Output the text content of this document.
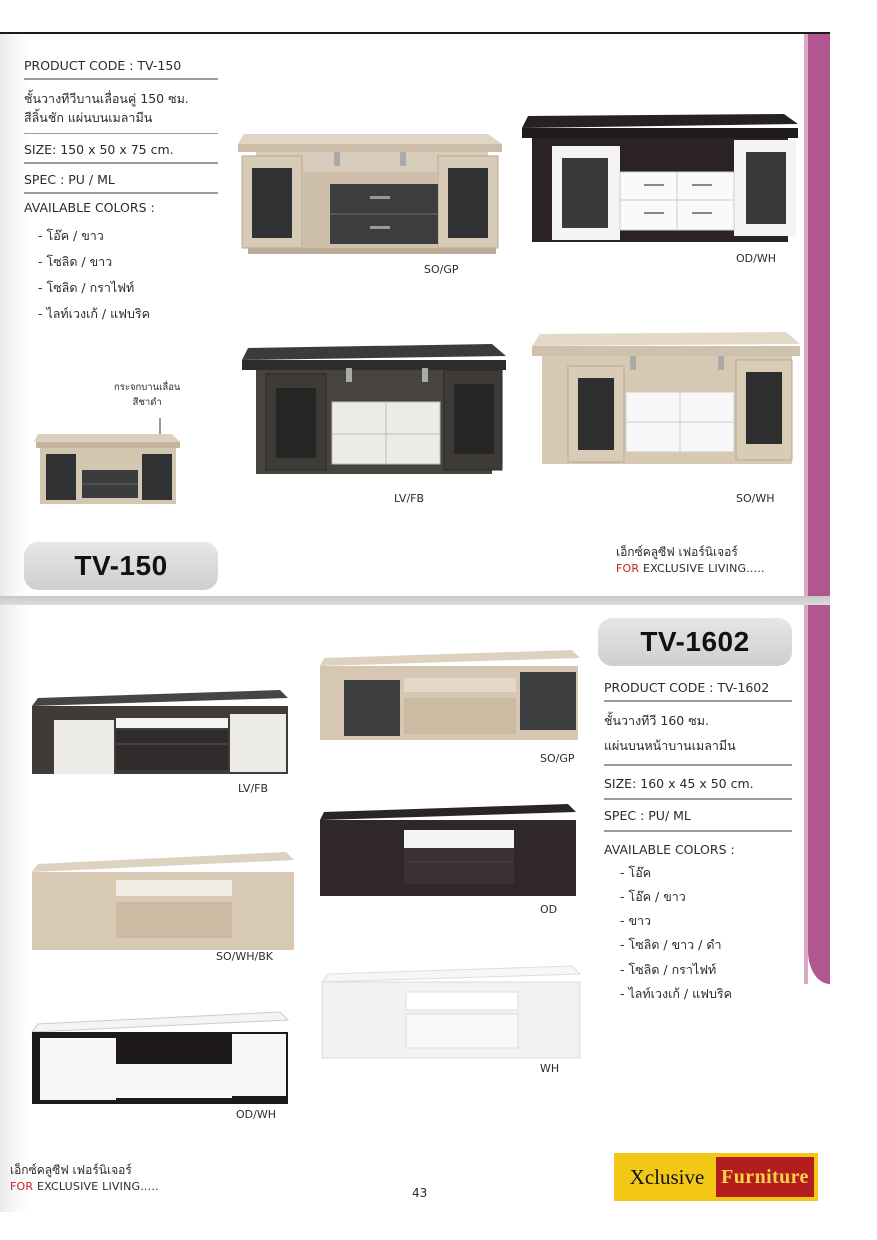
PRODUCT CODE : TV-150
ชั้นวางทีวีบานเลื่อนคู่ 150 ซม.
สีลิ้นชัก แผ่นบนเมลามีน
SIZE: 150 x 50 x 75 cm.
SPEC : PU / ML
AVAILABLE COLORS :
- โอ๊ค / ขาว
- โซลิด / ขาว
- โซลิด / กราไฟท์
- ไลท์เวงเก้ / แฟบริค
SO/GP
OD/WH
LV/FB	SO/WH
กระจกบานเลื่อน
สีชาดำ
TV-150	เอ็กซ์คลูซีฟ เฟอร์นิเจอร์
FOR EXCLUSIVE LIVING.....
TV-1602
PRODUCT CODE : TV-1602
ชั้นวางทีวี 160 ซม.
แผ่นบนหน้าบานเมลามีน
SIZE: 160 x 45 x 50 cm.
SPEC : PU/ ML
AVAILABLE COLORS :
- โอ๊ค
- โอ๊ค / ขาว
- ขาว
- โซลิด / ขาว / ดำ
- โซลิด / กราไฟท์
- ไลท์เวงเก้ / แฟบริค
LV/FB
SO/GP
OD
SO/WH/BK
WH
OD/WH
เอ็กซ์คลูซีฟ เฟอร์นิเจอร์
FOR EXCLUSIVE LIVING.....	43
Xclusive Furniture
